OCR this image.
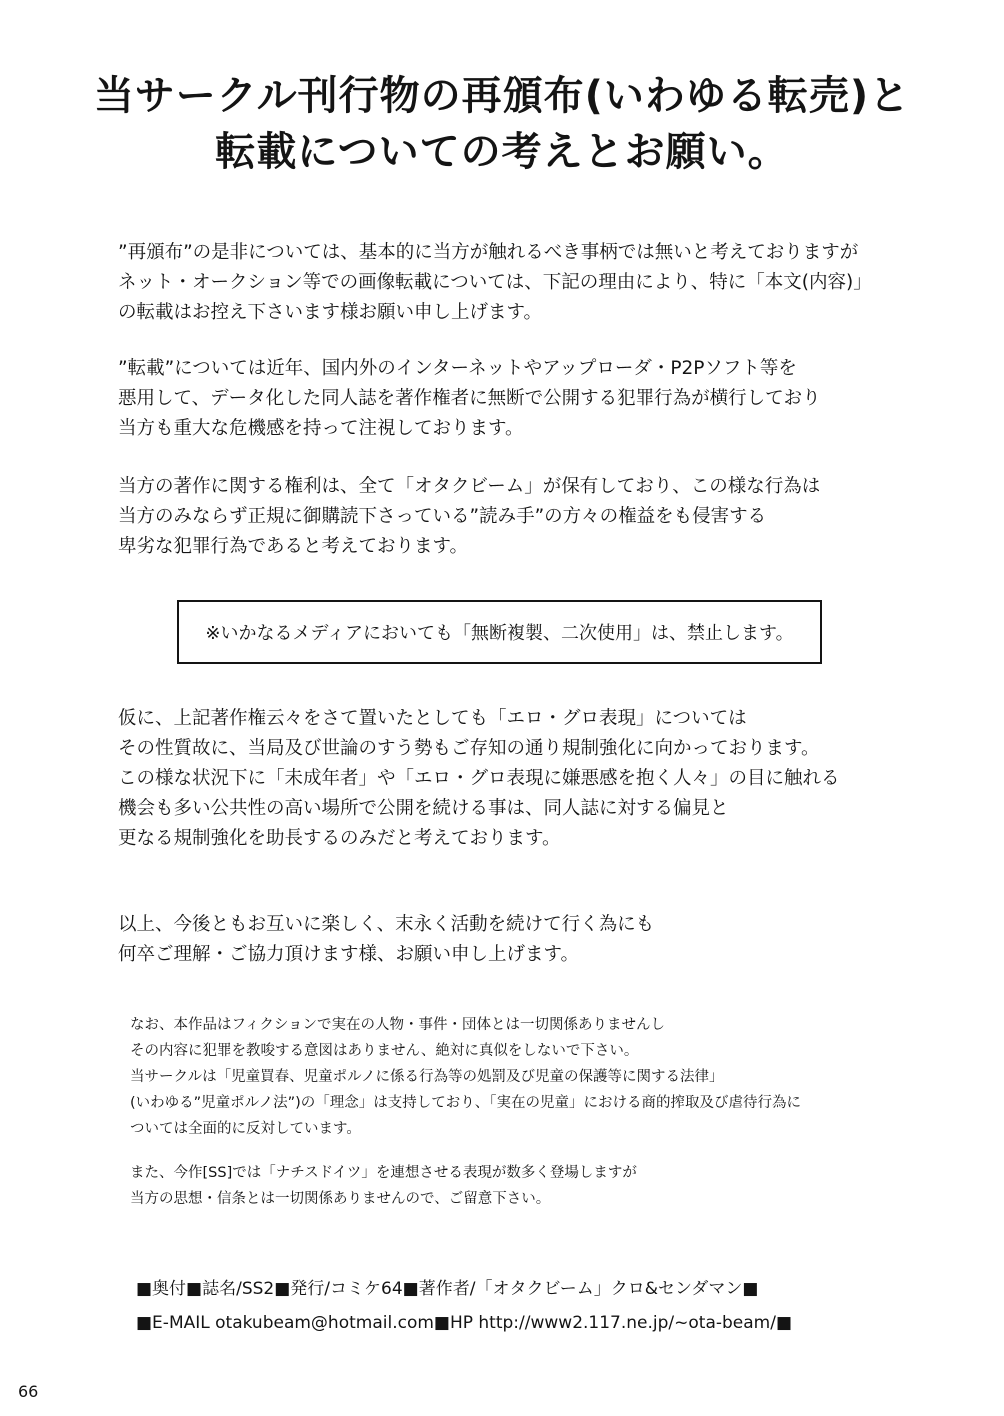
当サークル刊行物の再頒布(いわゆる転売)と
転載についての考えとお願い。
”再頒布”の是非については、基本的に当方が触れるべき事柄では無いと考えておりますが
ネット・オークション等での画像転載については、下記の理由により、特に「本文(内容)」
の転載はお控え下さいます様お願い申し上げます。
”転載”については近年、国内外のインターネットやアップローダ・P2Pソフト等を
悪用して、データ化した同人誌を著作権者に無断で公開する犯罪行為が横行しており
当方も重大な危機感を持って注視しております。
当方の著作に関する権利は、全て「オタクビーム」が保有しており、この様な行為は
当方のみならず正規に御購読下さっている”読み手”の方々の権益をも侵害する
卑劣な犯罪行為であると考えております。
※いかなるメディアにおいても「無断複製、二次使用」は、禁止します。
仮に、上記著作権云々をさて置いたとしても「エロ・グロ表現」については
その性質故に、当局及び世論のすう勢もご存知の通り規制強化に向かっております。
この様な状況下に「未成年者」や「エロ・グロ表現に嫌悪感を抱く人々」の目に触れる
機会も多い公共性の高い場所で公開を続ける事は、同人誌に対する偏見と
更なる規制強化を助長するのみだと考えております。
以上、今後ともお互いに楽しく、末永く活動を続けて行く為にも
何卒ご理解・ご協力頂けます様、お願い申し上げます。
なお、本作品はフィクションで実在の人物・事件・団体とは一切関係ありませんし
その内容に犯罪を教唆する意図はありません、絶対に真似をしないで下さい。
当サークルは「児童買春、児童ポルノに係る行為等の処罰及び児童の保護等に関する法律」
(いわゆる”児童ポルノ法”)の「理念」は支持しており、「実在の児童」における商的搾取及び虐待行為に
ついては全面的に反対しています。
また、今作[SS]では「ナチスドイツ」を連想させる表現が数多く登場しますが
当方の思想・信条とは一切関係ありませんので、ご留意下さい。
■奥付■誌名/SS2■発行/コミケ64■著作者/「オタクビーム」クロ&センダマン■
■E-MAIL otakubeam@hotmail.com■HP http://www2.117.ne.jp/~ota-beam/■
66
